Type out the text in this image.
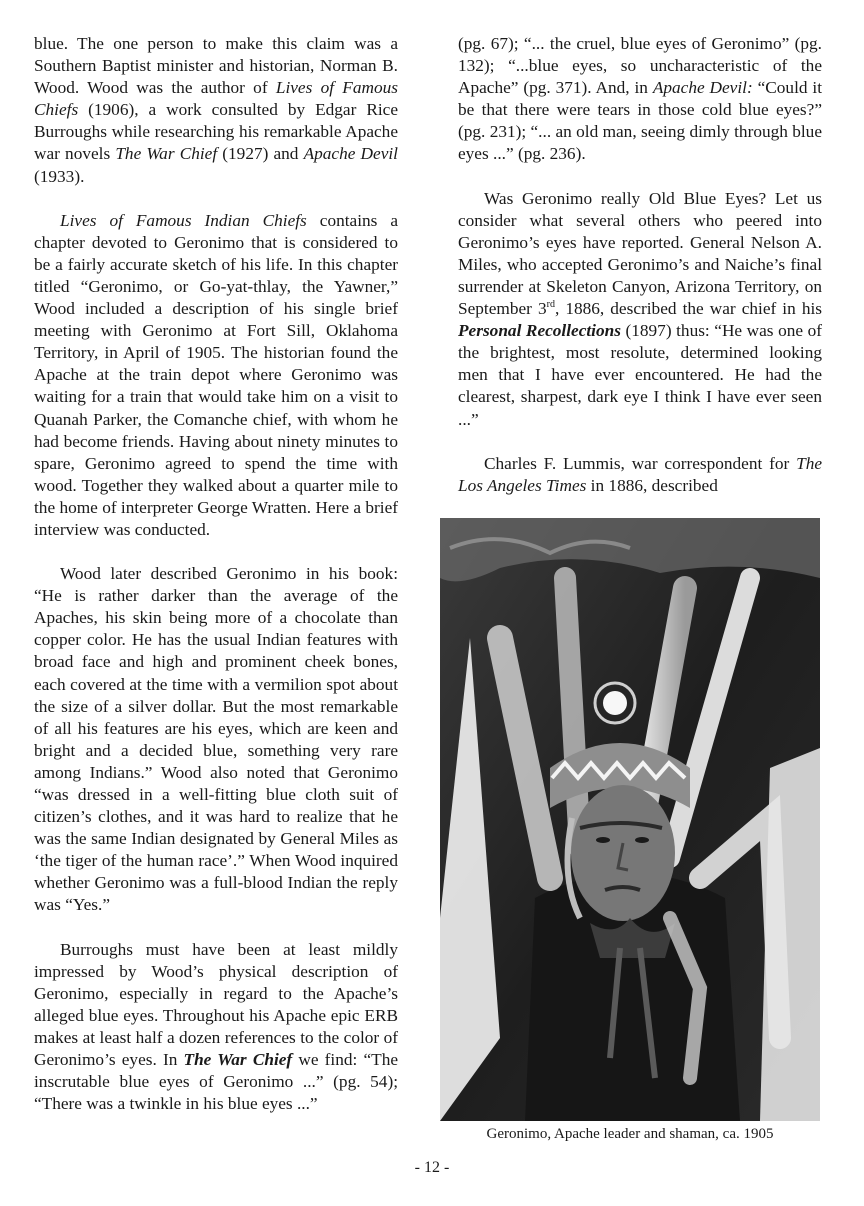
blue. The one person to make this claim was a Southern Baptist minister and historian, Norman B. Wood. Wood was the author of Lives of Famous Chiefs (1906), a work consulted by Edgar Rice Burroughs while researching his remarkable Apache war novels The War Chief (1927) and Apache Devil (1933).

Lives of Famous Indian Chiefs contains a chapter devoted to Geronimo that is considered to be a fairly accurate sketch of his life. In this chapter titled “Geronimo, or Go-yat-thlay, the Yawner,” Wood included a description of his single brief meeting with Geronimo at Fort Sill, Oklahoma Territory, in April of 1905. The historian found the Apache at the train depot where Geronimo was waiting for a train that would take him on a visit to Quanah Parker, the Comanche chief, with whom he had become friends. Having about ninety minutes to spare, Geronimo agreed to spend the time with wood. Together they walked about a quarter mile to the home of interpreter George Wratten. Here a brief interview was conducted.

Wood later described Geronimo in his book: “He is rather darker than the average of the Apaches, his skin being more of a chocolate than copper color. He has the usual Indian features with broad face and high and prominent cheek bones, each covered at the time with a vermilion spot about the size of a silver dollar. But the most remarkable of all his features are his eyes, which are keen and bright and a decided blue, something very rare among Indians.” Wood also noted that Geronimo “was dressed in a well-fitting blue cloth suit of citizen’s clothes, and it was hard to realize that he was the same Indian designated by General Miles as ‘the tiger of the human race’.” When Wood inquired whether Geronimo was a full-blood Indian the reply was “Yes.”

Burroughs must have been at least mildly impressed by Wood’s physical description of Geronimo, especially in regard to the Apache’s alleged blue eyes. Throughout his Apache epic ERB makes at least half a dozen references to the color of Geronimo’s eyes. In The War Chief we find: “The inscrutable blue eyes of Geronimo ...” (pg. 54); “There was a twinkle in his blue eyes ...”

(pg. 67); “... the cruel, blue eyes of Geronimo” (pg. 132); “...blue eyes, so uncharacteristic of the Apache” (pg. 371). And, in Apache Devil: “Could it be that there were tears in those cold blue eyes?” (pg. 231); “... an old man, seeing dimly through blue eyes ...” (pg. 236).

Was Geronimo really Old Blue Eyes? Let us consider what several others who peered into Geronimo’s eyes have reported. General Nelson A. Miles, who accepted Geronimo’s and Naiche’s final surrender at Skeleton Canyon, Arizona Territory, on September 3rd, 1886, described the war chief in his Personal Recollections (1897) thus: “He was one of the brightest, most resolute, determined looking men that I have ever encountered. He had the clearest, sharpest, dark eye I think I have ever seen ...”

Charles F. Lummis, war correspondent for The Los Angeles Times in 1886, described

Geronimo, Apache leader and shaman, ca. 1905
- 12 -
